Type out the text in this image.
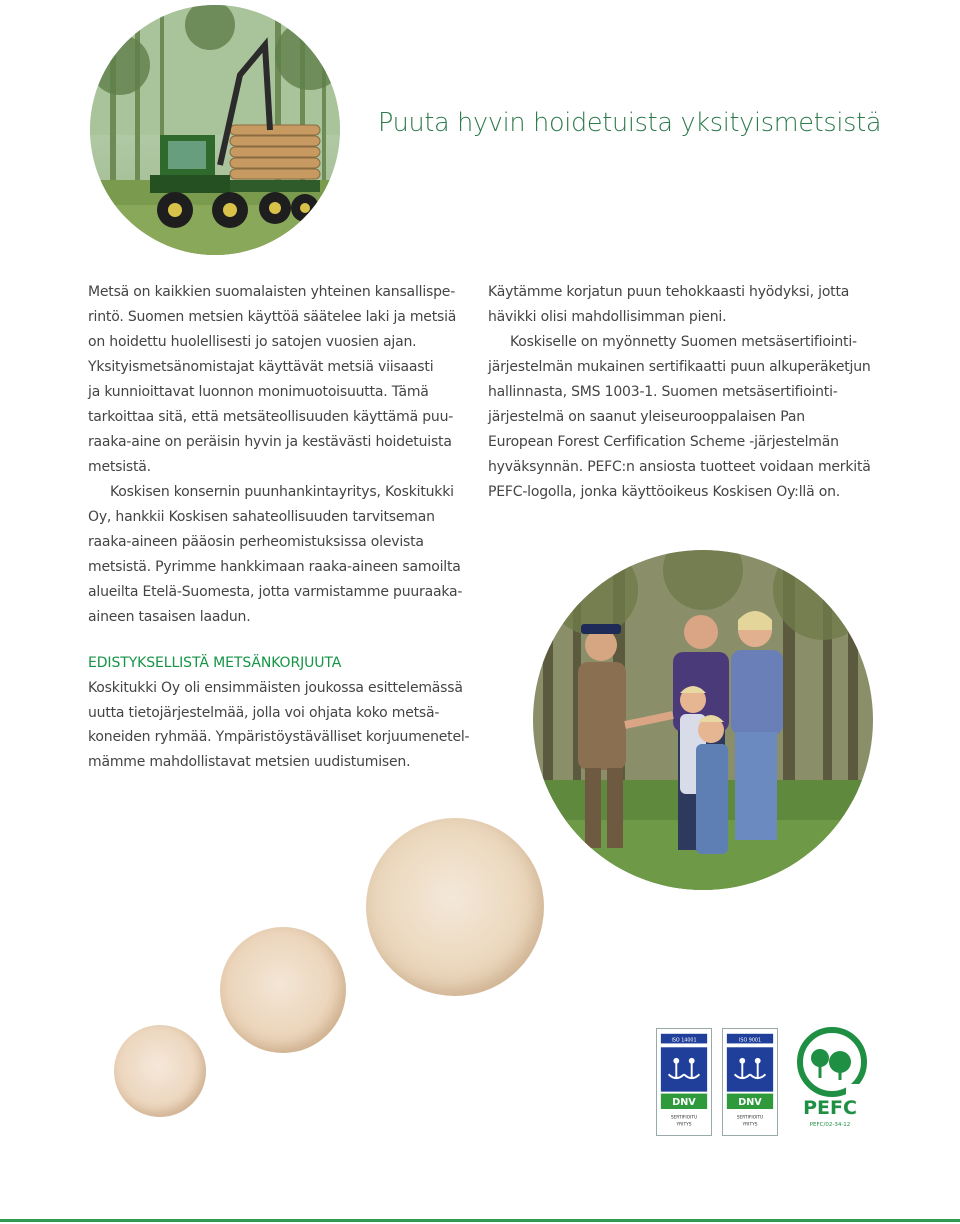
Puuta hyvin hoidetuista yksityismetsistä

Metsä on kaikkien suomalaisten yhteinen kansallispe-
rintö. Suomen metsien käyttöä säätelee laki ja metsiä
on hoidettu huolellisesti jo satojen vuosien ajan.
Yksityismetsänomistajat käyttävät metsiä viisaasti
ja kunnioittavat luonnon monimuotoisuutta. Tämä
tarkoittaa sitä, että metsäteollisuuden käyttämä puu-
raaka-aine on peräisin hyvin ja kestävästi hoidetuista
metsistä.

Koskisen konsernin puunhankintayritys, Koskitukki
Oy, hankkii Koskisen sahateollisuuden tarvitseman
raaka-aineen pääosin perheomistuksissa olevista
metsistä. Pyrimme hankkimaan raaka-aineen samoilta
alueilta Etelä-Suomesta, jotta varmistamme puuraaka-
aineen tasaisen laadun.

EDISTYKSELLISTÄ METSÄNKORJUUTA
Koskitukki Oy oli ensimmäisten joukossa esittelemässä
uutta tietojärjestelmää, jolla voi ohjata koko metsä-
koneiden ryhmää. Ympäristöystävälliset korjuumenetel-
mämme mahdollistavat metsien uudistumisen.

Käytämme korjatun puun tehokkaasti hyödyksi, jotta
hävikki olisi mahdollisimman pieni.

Koskiselle on myönnetty Suomen metsäsertifiointi-
järjestelmän mukainen sertifikaatti puun alkuperäketjun
hallinnasta, SMS 1003-1. Suomen metsäsertifiointi-
järjestelmä on saanut yleiseurooppalaisen Pan
European Forest Cerfification Scheme -järjestelmän
hyväksynnän. PEFC:n ansiosta tuotteet voidaan merkitä
PEFC-logolla, jonka käyttöoikeus Koskisen Oy:llä on.

ISO 14001
DNV
SERTIFIOITU
YRITYS
ISO 9001
DNV
SERTIFIOITU
YRITYS
PEFC
PEFC/02-34-12
